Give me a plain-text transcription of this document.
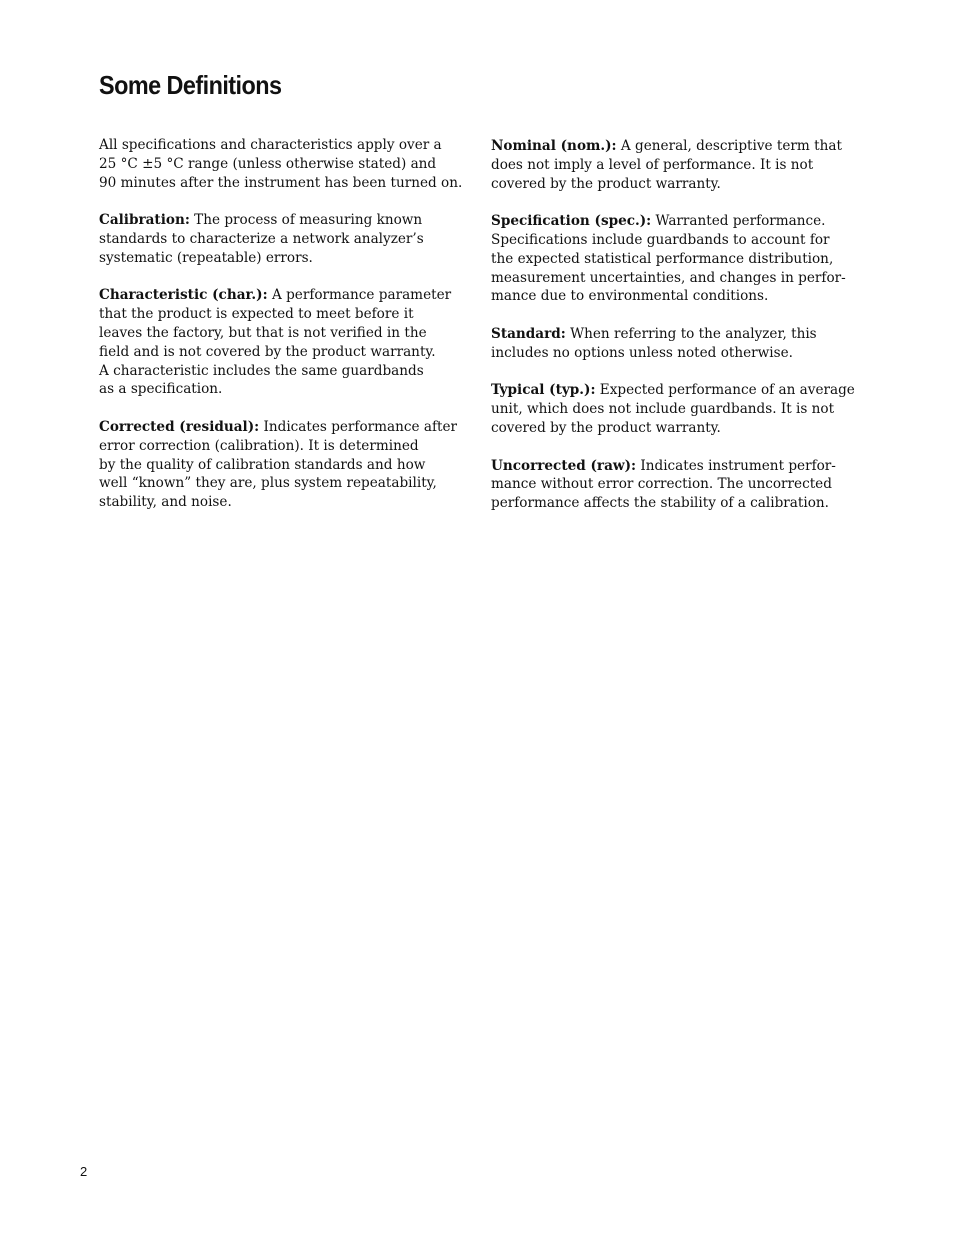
Some Definitions

All specifications and characteristics apply over a
25 °C ±5 °C range (unless otherwise stated) and
90 minutes after the instrument has been turned on.

Calibration: The process of measuring known
standards to characterize a network analyzer’s
systematic (repeatable) errors.

Characteristic (char.): A performance parameter
that the product is expected to meet before it
leaves the factory, but that is not verified in the
field and is not covered by the product warranty.
A characteristic includes the same guardbands
as a specification.

Corrected (residual): Indicates performance after
error correction (calibration). It is determined
by the quality of calibration standards and how
well “known” they are, plus system repeatability,
stability, and noise.

Nominal (nom.): A general, descriptive term that
does not imply a level of performance. It is not
covered by the product warranty.

Specification (spec.): Warranted performance.
Specifications include guardbands to account for
the expected statistical performance distribution,
measurement uncertainties, and changes in perfor-
mance due to environmental conditions.

Standard: When referring to the analyzer, this
includes no options unless noted otherwise.

Typical (typ.): Expected performance of an average
unit, which does not include guardbands. It is not
covered by the product warranty.

Uncorrected (raw): Indicates instrument perfor-
mance without error correction. The uncorrected
performance affects the stability of a calibration.

2
